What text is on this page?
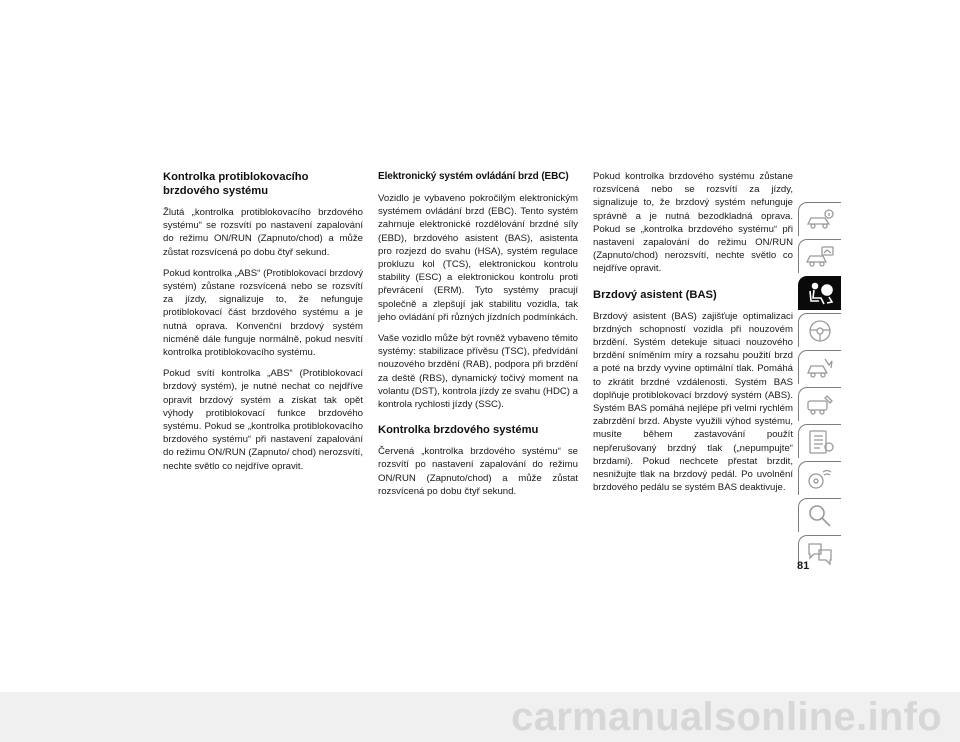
Kontrolka protiblokovacího brzdového systému

Žlutá „kontrolka protiblokovacího brzdového systému“ se rozsvítí po nastavení zapalování do režimu ON/RUN (Zapnuto/chod) a může zůstat rozsvícená po dobu čtyř sekund.

Pokud kontrolka „ABS“ (Protiblokovací brzdový systém) zůstane rozsvícená nebo se rozsvítí za jízdy, signalizuje to, že nefunguje protiblokovací část brzdového systému a je nutná oprava. Konvenční brzdový systém nicméně dále funguje normálně, pokud nesvítí kontrolka protiblokovacího systému.

Pokud svítí kontrolka „ABS“ (Protiblokovací brzdový systém), je nutné nechat co nejdříve opravit brzdový systém a získat tak opět výhody protiblokovací funkce brzdového systému. Pokud se „kontrolka protiblokovacího brzdového systému“ při nastavení zapalování do režimu ON/RUN (Zapnuto/ chod) nerozsvítí, nechte světlo co nejdříve opravit.

Elektronický systém ovládání brzd (EBC)

Vozidlo je vybaveno pokročilým elektronickým systémem ovládání brzd (EBC). Tento systém zahrnuje elektronické rozdělování brzdné síly (EBD), brzdového asistent (BAS), asistenta pro rozjezd do svahu (HSA), systém regulace prokluzu kol (TCS), elektronickou kontrolu stability (ESC) a elektronickou kontrolu proti převrácení (ERM). Tyto systémy pracují společně a zlepšují jak stabilitu vozidla, tak jeho ovládání při různých jízdních podmínkách.

Vaše vozidlo může být rovněž vybaveno těmito systémy: stabilizace přívěsu (TSC), předvídání nouzového brzdění (RAB), podpora při brzdění za deště (RBS), dynamický točivý moment na volantu (DST), kontrola jízdy ze svahu (HDC) a kontrola rychlosti jízdy (SSC).

Kontrolka brzdového systému

Červená „kontrolka brzdového systému“ se rozsvítí po nastavení zapalování do režimu ON/RUN (Zapnuto/chod) a může zůstat rozsvícená po dobu čtyř sekund.

Pokud kontrolka brzdového systému zůstane rozsvícená nebo se rozsvítí za jízdy, signalizuje to, že brzdový systém nefunguje správně a je nutná bezodkladná oprava. Pokud se „kontrolka brzdového systému“ při nastavení zapalování do režimu ON/RUN (Zapnuto/chod) nerozsvítí, nechte světlo co nejdříve opravit.

Brzdový asistent (BAS)

Brzdový asistent (BAS) zajišťuje optimalizaci brzdných schopností vozidla při nouzovém brzdění. Systém detekuje situaci nouzového brzdění sníměním míry a rozsahu použití brzd a poté na brzdy vyvine optimální tlak. Pomáhá to zkrátit brzdné vzdálenosti. Systém BAS doplňuje protiblokovací brzdový systém (ABS). Systém BAS pomáhá nejlépe při velmi rychlém zabrzdění brzd. Abyste využili výhod systému, musíte během zastavování použít nepřerušovaný brzdný tlak („nepumpujte“ brzdami). Pokud nechcete přestat brzdit, nesnižujte tlak na brzdový pedál. Po uvolnění brzdového pedálu se systém BAS deaktivuje.

81
carmanualsonline.info
